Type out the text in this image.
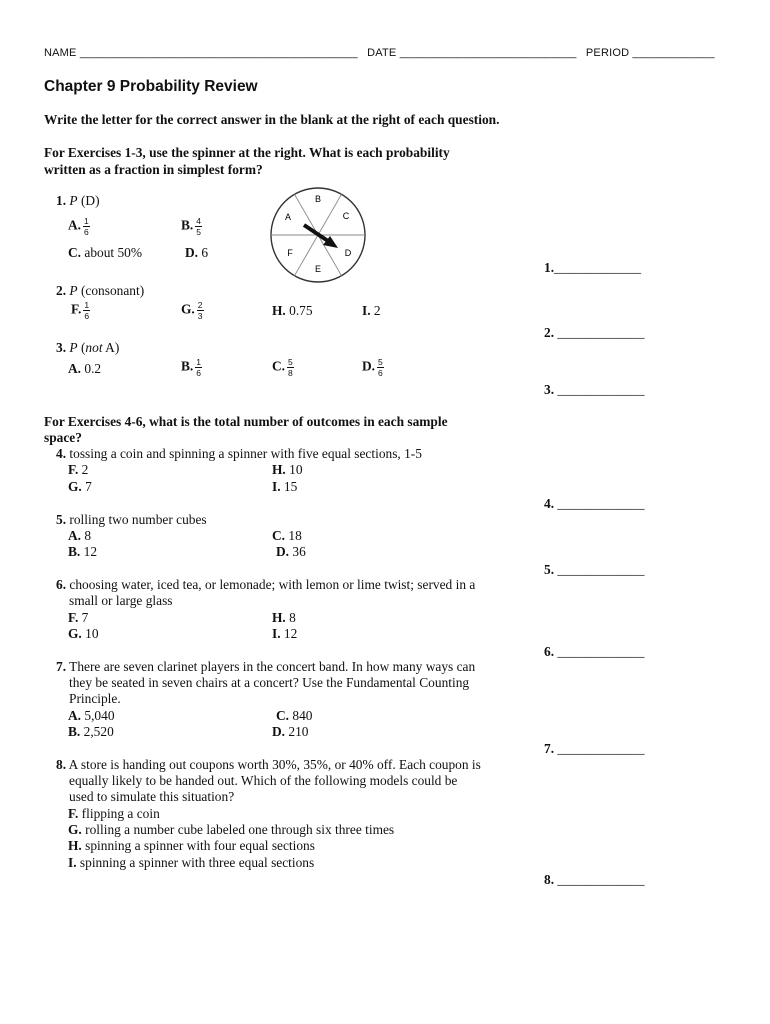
NAME ____________________________________________ DATE ____________________________ PERIOD _____________
Chapter 9 Probability Review
Write the letter for the correct answer in the blank at the right of each question.
For Exercises 1-3, use the spinner at the right. What is each probability
written as a fraction in simplest form?
B
C
D
E
F
A
1. P (D)
A. $\frac{1}{6}$	B. $\frac{4}{5}$
C. about 50%	D. 6
2. P (consonant)
F. $\frac{1}{6}$	G. $\frac{2}{3}$	H. 0.75	I. 2
3. P (not A)
A. 0.2	B. $\frac{1}{6}$	C. $\frac{5}{8}$	D. $\frac{5}{6}$
For Exercises 4-6, what is the total number of outcomes in each sample
space?
4. tossing a coin and spinning a spinner with five equal sections, 1-5
F. 2	H. 10
G. 7	I. 15
5. rolling two number cubes
A. 8	C. 18
B. 12	D. 36
6. choosing water, iced tea, or lemonade; with lemon or lime twist; served in a
small or large glass
F. 7	H. 8
G. 10	I. 12
7. There are seven clarinet players in the concert band. In how many ways can
they be seated in seven chairs at a concert? Use the Fundamental Counting
Principle.
A. 5,040	C. 840
B. 2,520	D. 210
8. A store is handing out coupons worth 30%, 35%, or 40% off. Each coupon is
equally likely to be handed out. Which of the following models could be
used to simulate this situation?
F. flipping a coin
G. rolling a number cube labeled one through six three times
H. spinning a spinner with four equal sections
I. spinning a spinner with three equal sections
1._____________
2. _____________
3. _____________
4. _____________
5. _____________
6. _____________
7. _____________
8. _____________
